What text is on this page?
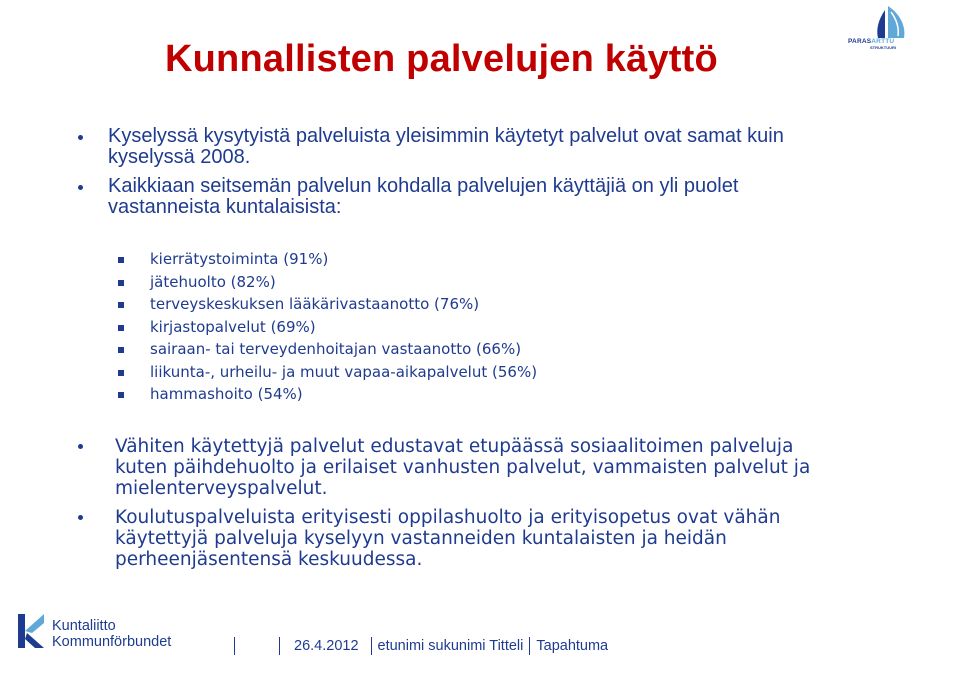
Kunnallisten palvelujen käyttö	PARASARTTU
STRUKTUURI
Kyselyssä kysytyistä palveluista yleisimmin käytetyt palvelut ovat samat kuin kyselyssä 2008.
Kaikkiaan seitsemän palvelun kohdalla palvelujen käyttäjiä on yli puolet vastanneista kuntalaisista:
kierrätystoiminta (91%)
jätehuolto (82%)
terveyskeskuksen lääkärivastaanotto (76%)
kirjastopalvelut (69%)
sairaan- tai terveydenhoitajan vastaanotto (66%)
liikunta-, urheilu- ja muut vapaa-aikapalvelut (56%)
hammashoito (54%)
Vähiten käytettyjä palvelut edustavat etupäässä sosiaalitoimen palveluja kuten päihdehuolto ja erilaiset vanhusten palvelut, vammaisten palvelut ja mielenterveyspalvelut.
Koulutuspalveluista erityisesti oppilashuolto ja erityisopetus ovat vähän käytettyjä palveluja kyselyyn vastanneiden kuntalaisten ja heidän perheenjäsentensä keskuudessa.
Kuntaliitto
Kommunförbundet	26.4.2012 etunimi sukunimi Titteli Tapahtuma
